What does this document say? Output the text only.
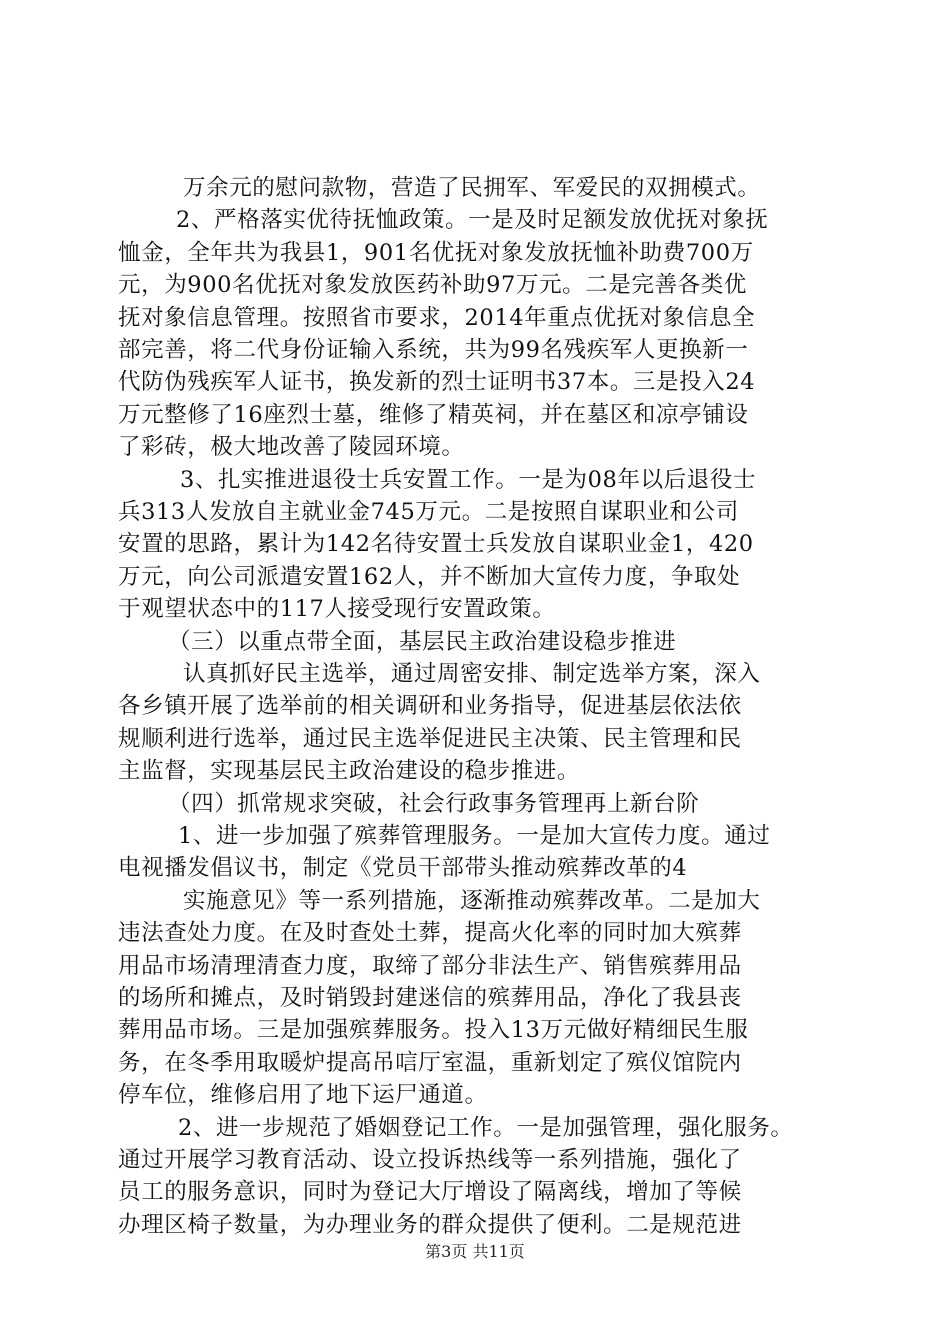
万余元的慰问款物，营造了民拥军、军爱民的双拥模式。
2、严格落实优待抚恤政策。一是及时足额发放优抚对象抚
恤金，全年共为我县1，901名优抚对象发放抚恤补助费700万
元，为900名优抚对象发放医药补助97万元。二是完善各类优
抚对象信息管理。按照省市要求，2014年重点优抚对象信息全
部完善，将二代身份证输入系统，共为99名残疾军人更换新一
代防伪残疾军人证书，换发新的烈士证明书37本。三是投入24
万元整修了16座烈士墓，维修了精英祠，并在墓区和凉亭铺设
了彩砖，极大地改善了陵园环境。
3、扎实推进退役士兵安置工作。一是为08年以后退役士
兵313人发放自主就业金745万元。二是按照自谋职业和公司
安置的思路，累计为142名待安置士兵发放自谋职业金1，420
万元，向公司派遣安置162人，并不断加大宣传力度，争取处
于观望状态中的117人接受现行安置政策。
（三）以重点带全面，基层民主政治建设稳步推进
认真抓好民主选举，通过周密安排、制定选举方案，深入
各乡镇开展了选举前的相关调研和业务指导，促进基层依法依
规顺利进行选举，通过民主选举促进民主决策、民主管理和民
主监督，实现基层民主政治建设的稳步推进。
（四）抓常规求突破，社会行政事务管理再上新台阶
1、进一步加强了殡葬管理服务。一是加大宣传力度。通过
电视播发倡议书，制定《党员干部带头推动殡葬改革的4
实施意见》等一系列措施，逐渐推动殡葬改革。二是加大
违法查处力度。在及时查处土葬，提高火化率的同时加大殡葬
用品市场清理清查力度，取缔了部分非法生产、销售殡葬用品
的场所和摊点，及时销毁封建迷信的殡葬用品，净化了我县丧
葬用品市场。三是加强殡葬服务。投入13万元做好精细民生服
务，在冬季用取暖炉提高吊唁厅室温，重新划定了殡仪馆院内
停车位，维修启用了地下运尸通道。
2、进一步规范了婚姻登记工作。一是加强管理，强化服务。
通过开展学习教育活动、设立投诉热线等一系列措施，强化了
员工的服务意识，同时为登记大厅增设了隔离线，增加了等候
办理区椅子数量，为办理业务的群众提供了便利。二是规范进
第3页 共11页
